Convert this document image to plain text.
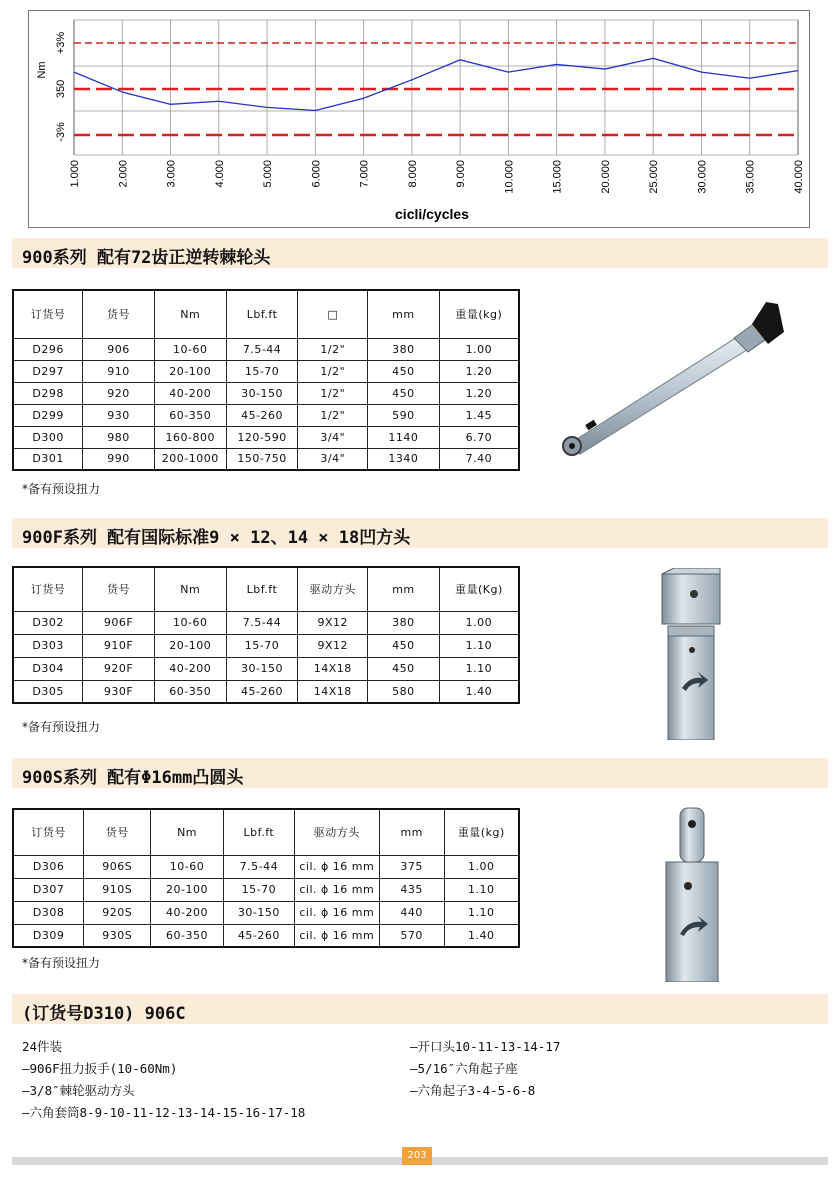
1.000	2.000	3.000	4.000	5.000	6.000	7.000	8.000	9.000	10.000	15.000	20.000	25.000	30.000	35.000	40.000
+3%
350
-3%
Nm
cicli/cycles
900系列 配有72齿正逆转棘轮头
订货号	货号	Nm	Lbf.ft	□	mm	重量(kg)
D296	906	10-60	7.5-44	1/2"	380	1.00
D297	910	20-100	15-70	1/2"	450	1.20
D298	920	40-200	30-150	1/2"	450	1.20
D299	930	60-350	45-260	1/2"	590	1.45
D300	980	160-800	120-590	3/4"	1140	6.70
D301	990	200-1000	150-750	3/4"	1340	7.40
*备有预设扭力
900F系列 配有国际标准9 × 12、14 × 18凹方头
订货号	货号	Nm	Lbf.ft	驱动方头	mm	重量(Kg)
D302	906F	10-60	7.5-44	9X12	380	1.00
D303	910F	20-100	15-70	9X12	450	1.10
D304	920F	40-200	30-150	14X18	450	1.10
D305	930F	60-350	45-260	14X18	580	1.40
*备有预设扭力
900S系列 配有Φ16mm凸圆头
订货号	货号	Nm	Lbf.ft	驱动方头	mm	重量(kg)
D306	906S	10-60	7.5-44	cil. ϕ 16 mm	375	1.00
D307	910S	20-100	15-70	cil. ϕ 16 mm	435	1.10
D308	920S	40-200	30-150	cil. ϕ 16 mm	440	1.10
D309	930S	60-350	45-260	cil. ϕ 16 mm	570	1.40
*备有预设扭力
(订货号D310) 906C
24件装
—906F扭力扳手(10-60Nm)
—3/8″棘轮驱动方头
—六角套筒8-9-10-11-12-13-14-15-16-17-18
—开口头10-11-13-14-17
—5/16″六角起子座
—六角起子3-4-5-6-8
203
